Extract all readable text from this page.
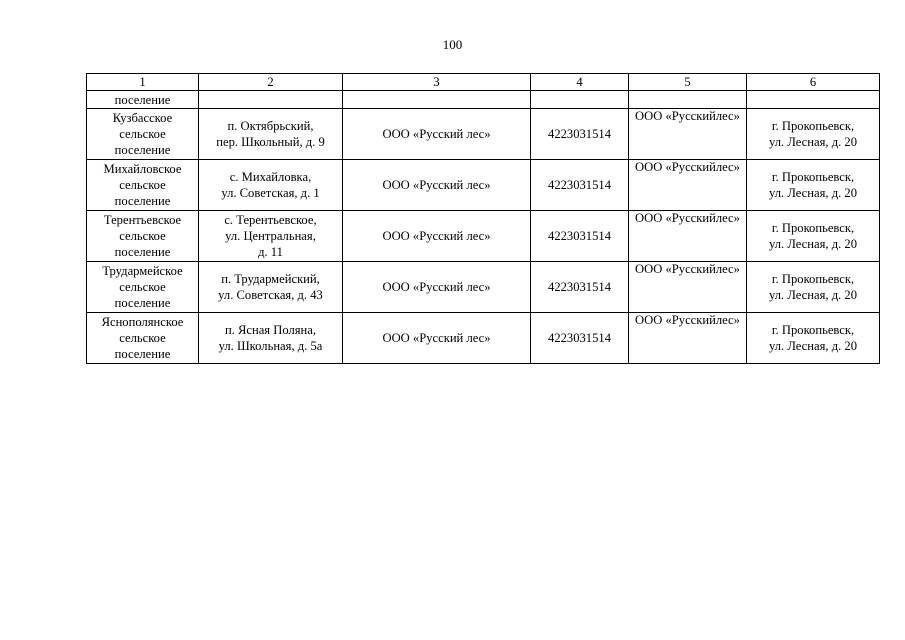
100
1	2	3	4	5	6
поселение					

Кузбасское
сельское
поселение	п. Октябрьский,
пер. Школьный, д. 9	ООО «Русский лес»	4223031514	ООО «Русскийлес»	г. Прокопьевск,
ул. Лесная, д. 20

Михайловское
сельское
поселение	с. Михайловка,
ул. Советская, д. 1	ООО «Русский лес»	4223031514	ООО «Русскийлес»	г. Прокопьевск,
ул. Лесная, д. 20

Терентьевское
сельское
поселение	с. Терентьевское,
ул. Центральная,
д. 11	ООО «Русский лес»	4223031514	ООО «Русскийлес»	г. Прокопьевск,
ул. Лесная, д. 20

Трудармейское
сельское
поселение	п. Трудармейский,
ул. Советская, д. 43	ООО «Русский лес»	4223031514	ООО «Русскийлес»	г. Прокопьевск,
ул. Лесная, д. 20

Яснополянское
сельское
поселение	п. Ясная Поляна,
ул. Школьная, д. 5а	ООО «Русский лес»	4223031514	ООО «Русскийлес»	г. Прокопьевск,
ул. Лесная, д. 20
